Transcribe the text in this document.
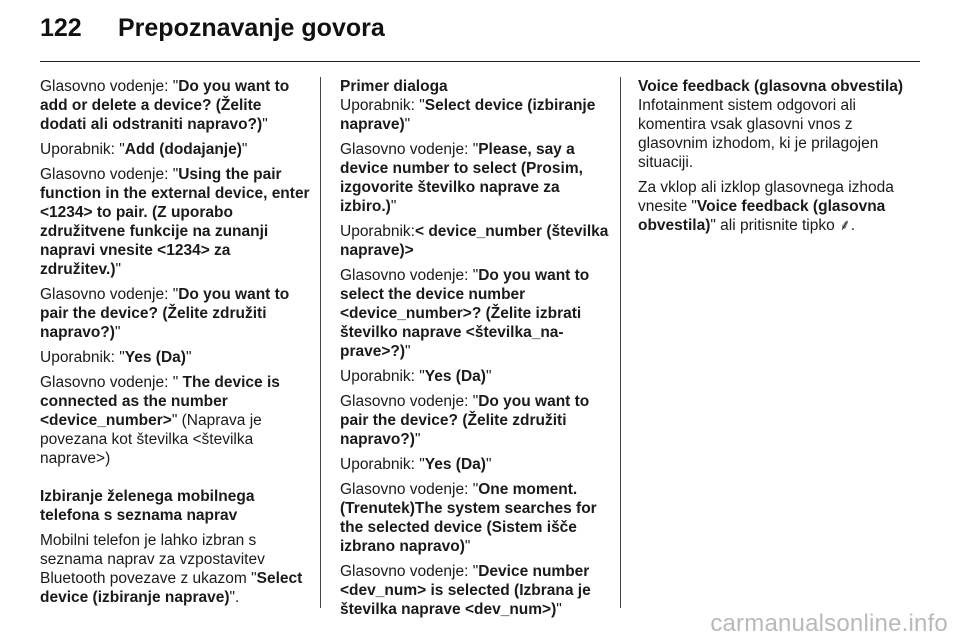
122	Prepoznavanje govora

Glasovno vodenje: "Do you want to add or delete a device? (Želite dodati ali odstraniti napravo?)"

Uporabnik: "Add (dodajanje)"

Glasovno vodenje: "Using the pair function in the external device, enter <1234> to pair. (Z uporabo združitvene funkcije na zunanji napravi vnesite <1234> za združitev.)"

Glasovno vodenje: "Do you want to pair the device? (Želite združiti napravo?)"

Uporabnik: "Yes (Da)"

Glasovno vodenje: " The device is connected as the number <device_number>" (Naprava je povezana kot številka <številka naprave>)

Izbiranje želenega mobilnega telefona s seznama naprav

Mobilni telefon je lahko izbran s seznama naprav za vzpostavitev Bluetooth povezave z ukazom "Select device (izbiranje naprave)".

Primer dialoga
Uporabnik: "Select device (izbiranje naprave)"

Glasovno vodenje: "Please, say a device number to select (Prosim, izgovorite številko naprave za izbiro.)"

Uporabnik:< device_number (številka naprave)>

Glasovno vodenje: "Do you want to select the device number <device_number>? (Želite izbrati številko naprave <številka_na‐prave>?)"

Uporabnik: "Yes (Da)"

Glasovno vodenje: "Do you want to pair the device? (Želite združiti napravo?)"

Uporabnik: "Yes (Da)"

Glasovno vodenje: "One moment. (Trenutek)The system searches for the selected device (Sistem išče izbrano napravo)"

Glasovno vodenje: "Device number <dev_num> is selected (Izbrana je številka naprave <dev_num>)"

Voice feedback (glasovna obvestila)
Infotainment sistem odgovori ali komentira vsak glasovni vnos z glasovnim izhodom, ki je prilagojen situaciji.

Za vklop ali izklop glasovnega izhoda vnesite "Voice feedback (glasovna obvestila)" ali pritisnite tipko ⸙.

carmanualsonline.info
